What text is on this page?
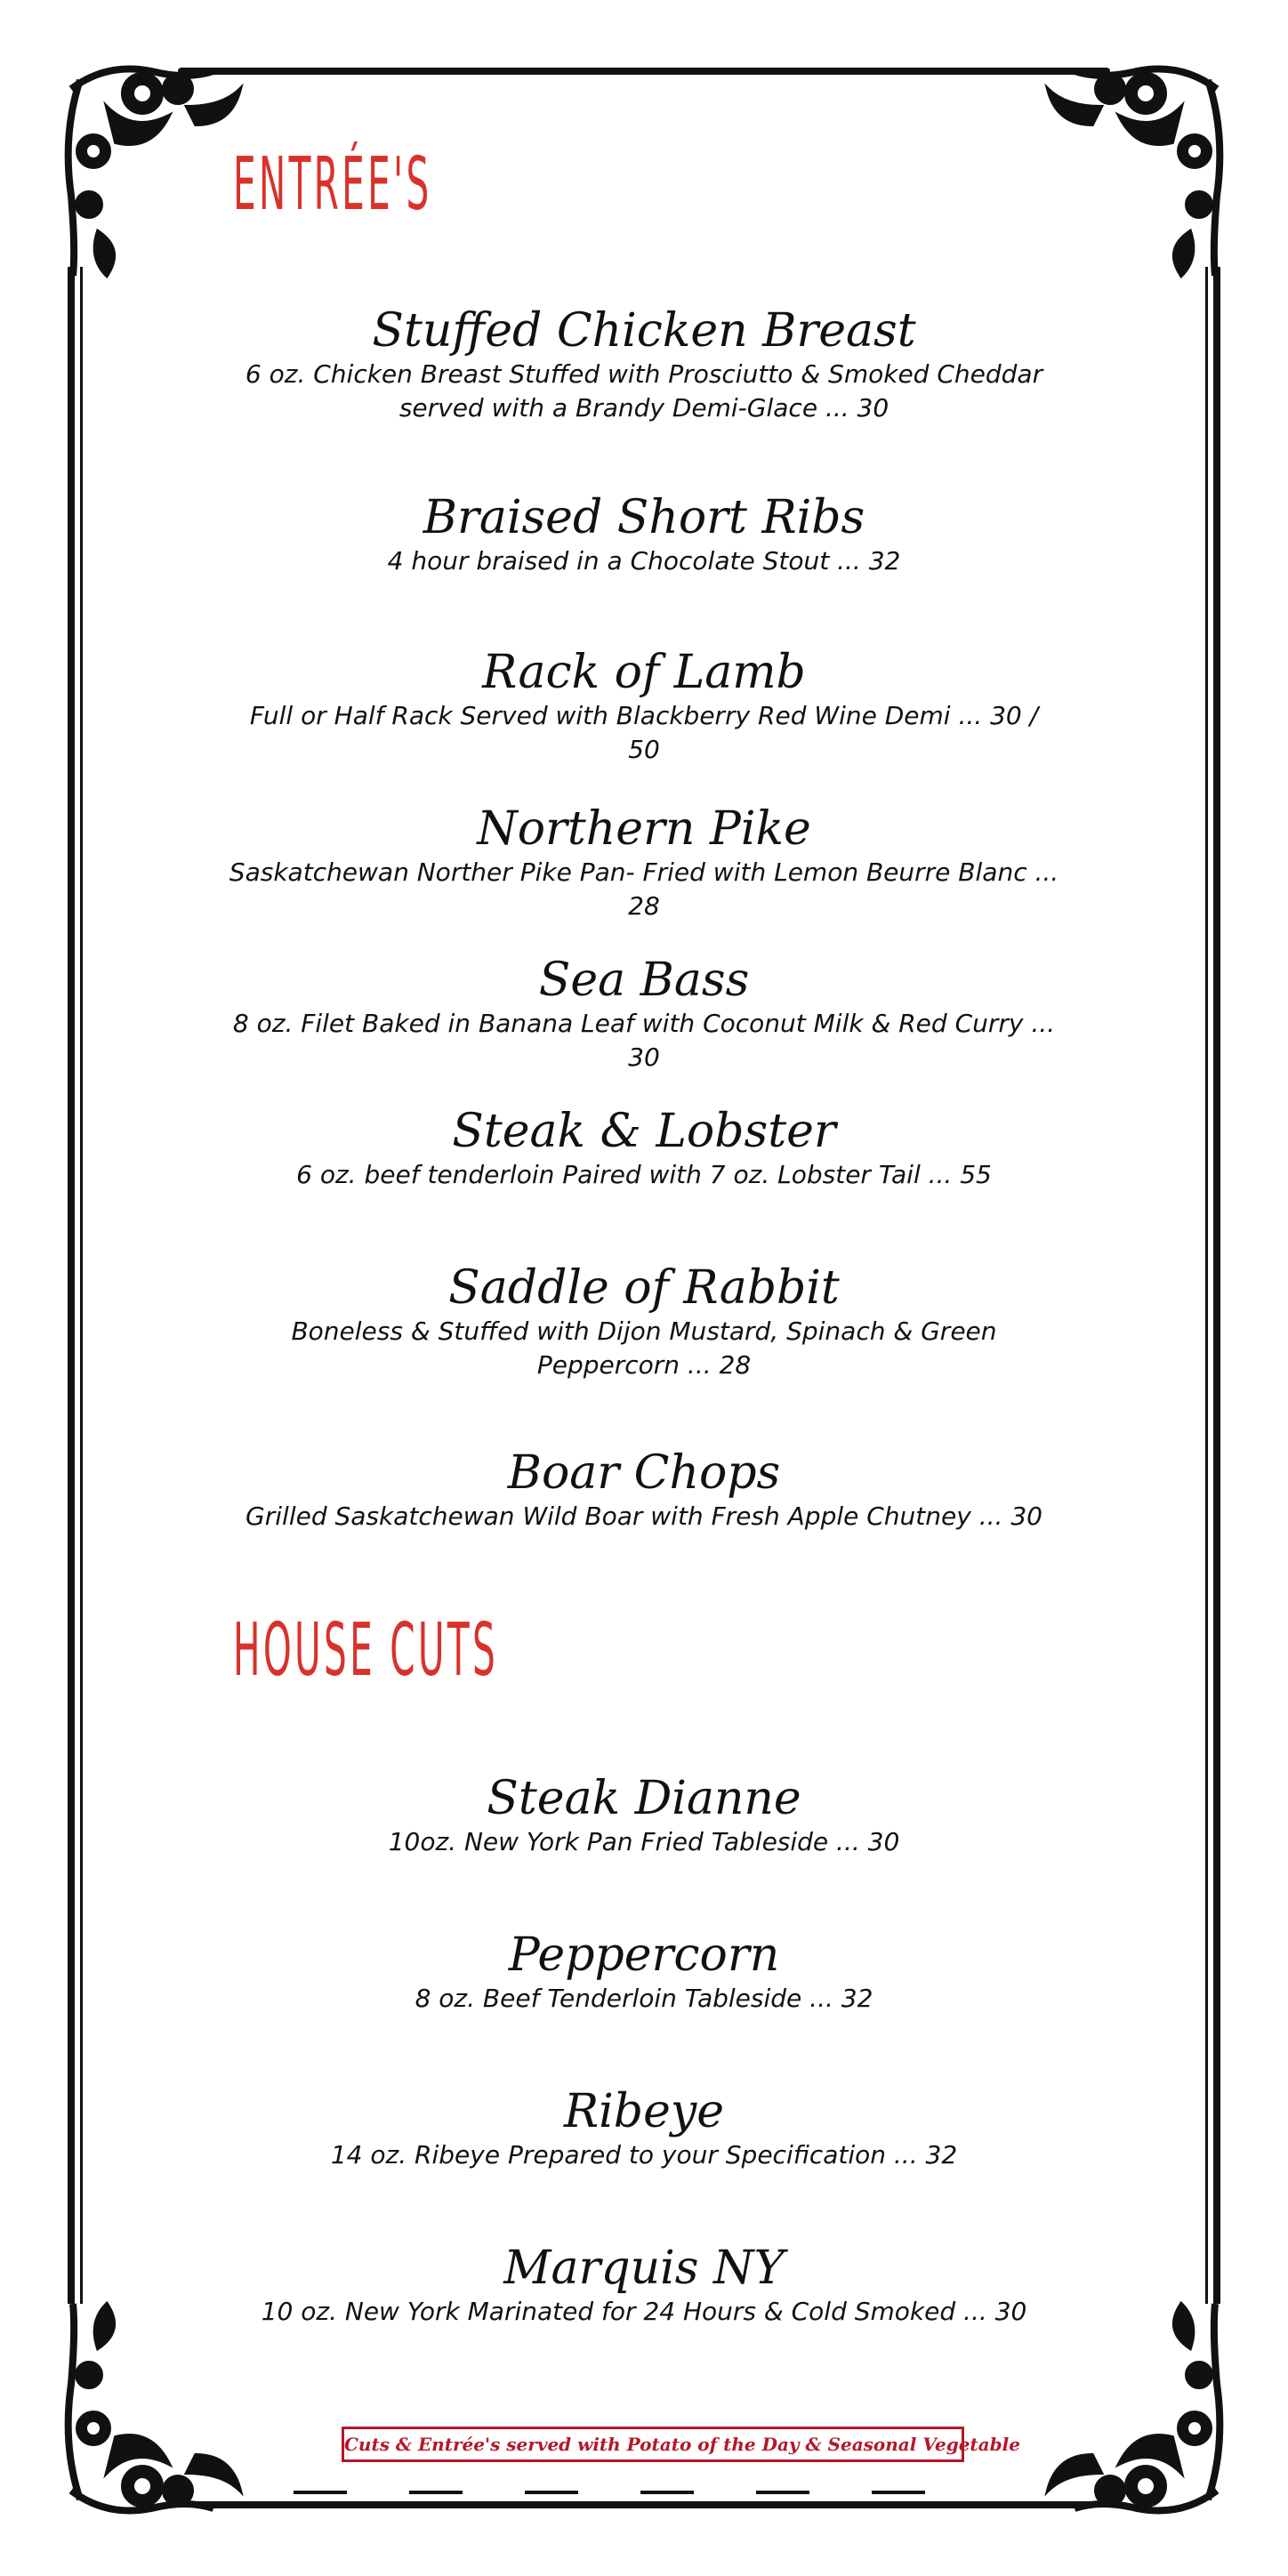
ENTRÉE'S
Stuffed Chicken Breast
6 oz. Chicken Breast Stuffed with Prosciutto & Smoked Cheddar served with a Brandy Demi-Glace ... 30
Braised Short Ribs
4 hour braised in a Chocolate Stout ... 32
Rack of Lamb
Full or Half Rack Served with Blackberry Red Wine Demi ... 30 / 50
Northern Pike
Saskatchewan Norther Pike Pan- Fried with Lemon Beurre Blanc ... 28
Sea Bass
8 oz. Filet Baked in Banana Leaf with Coconut Milk & Red Curry ... 30
Steak & Lobster
6 oz. beef tenderloin Paired with 7 oz. Lobster Tail ... 55
Saddle of Rabbit
Boneless & Stuffed with Dijon Mustard, Spinach & Green Peppercorn ... 28
Boar Chops
Grilled Saskatchewan Wild Boar with Fresh Apple Chutney ... 30
HOUSE CUTS
Steak Dianne
10oz. New York Pan Fried Tableside ... 30
Peppercorn
8 oz. Beef Tenderloin Tableside ... 32
Ribeye
14 oz. Ribeye Prepared to your Specification ... 32
Marquis NY
10 oz. New York Marinated for 24 Hours & Cold Smoked ... 30
Cuts & Entrée's served with Potato of the Day & Seasonal Vegetable
